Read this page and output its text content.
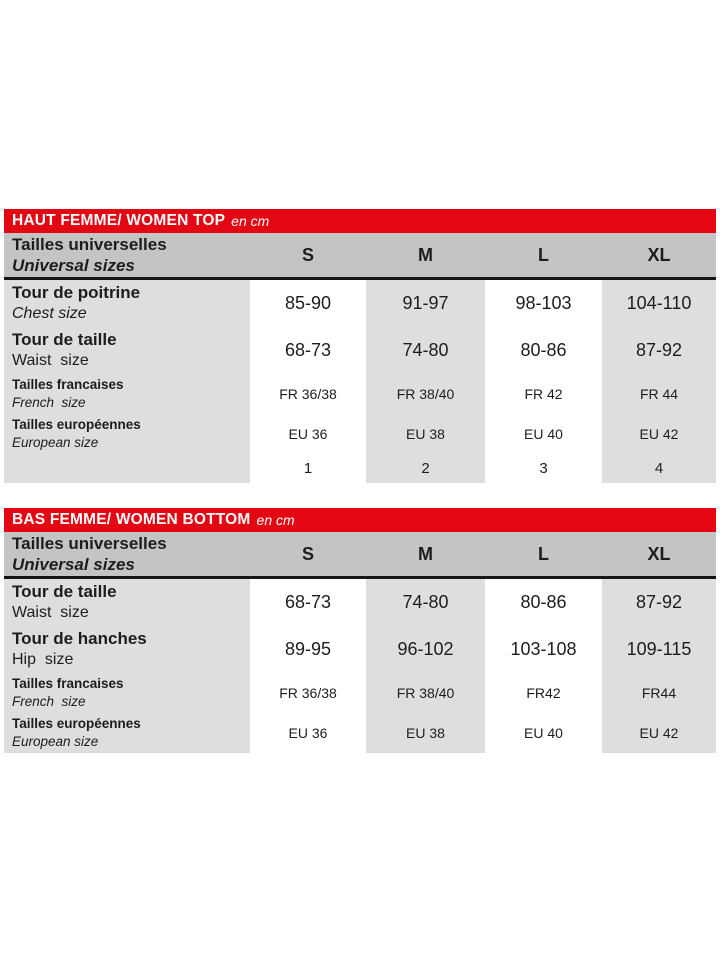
HAUT FEMME/ WOMEN TOP en cm
Tailles universelles
Universal sizes
S	M	L	XL
Tour de poitrine
Chest size
85-90	91-97	98-103	104-110
Tour de taille
Waist  size
68-73	74-80	80-86	87-92
Tailles francaises
French  size
FR 36/38	FR 38/40	FR 42	FR 44
Tailles européennes
European size
EU 36	EU 38	EU 40	EU 42
1	2	3	4
BAS FEMME/ WOMEN BOTTOM en cm
Tailles universelles
Universal sizes
S	M	L	XL
Tour de taille
Waist  size
68-73	74-80	80-86	87-92
Tour de hanches
Hip  size
89-95	96-102	103-108	109-115
Tailles francaises
French  size
FR 36/38	FR 38/40	FR42	FR44
Tailles européennes
European size
EU 36	EU 38	EU 40	EU 42
